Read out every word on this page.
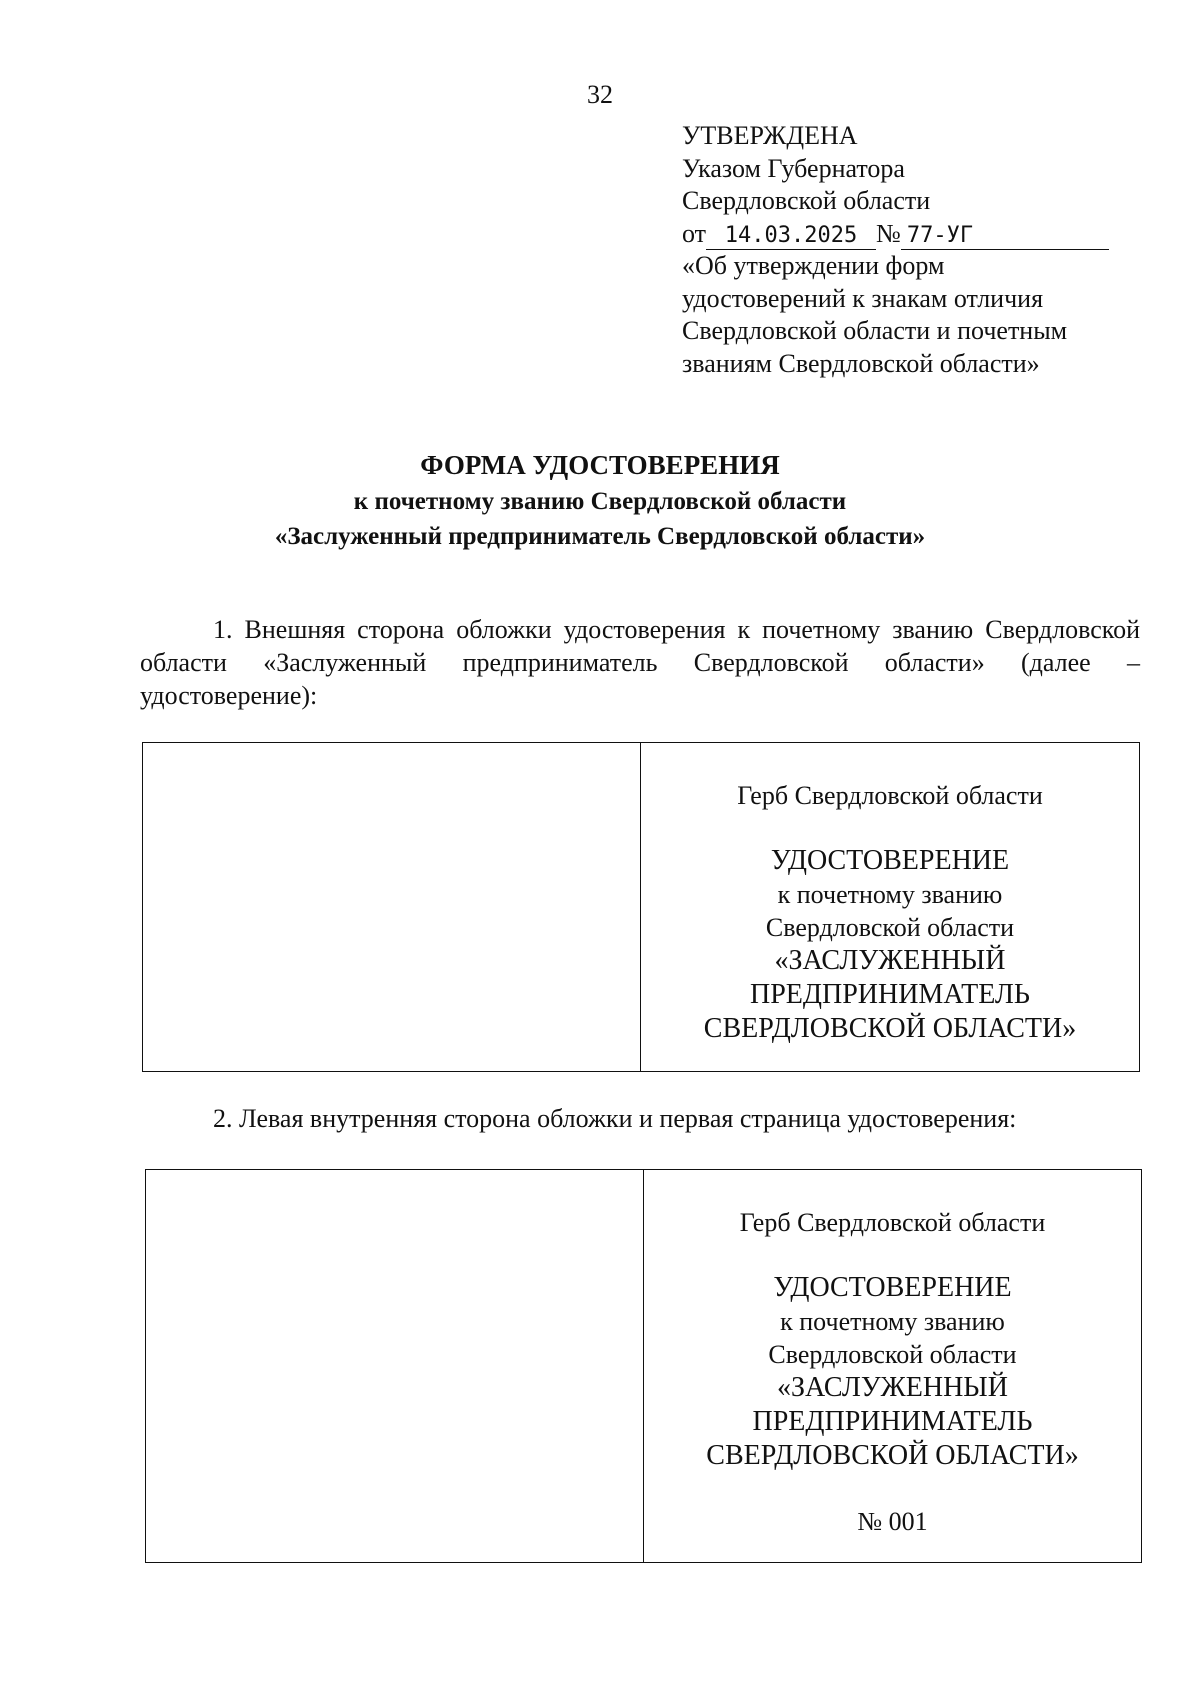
32
УТВЕРЖДЕНА
Указом Губернатора
Свердловской области
от 14.03.2025 № 77-УГ
«Об утверждении форм
удостоверений к знакам отличия
Свердловской области и почетным
званиям Свердловской области»
ФОРМА УДОСТОВЕРЕНИЯ
к почетному званию Свердловской области
«Заслуженный предприниматель Свердловской области»
1. Внешняя сторона обложки удостоверения к почетному званию Свердловской области «Заслуженный предприниматель Свердловской области» (далее – удостоверение):
Герб Свердловской области
УДОСТОВЕРЕНИЕ
к почетному званию
Свердловской области
«ЗАСЛУЖЕННЫЙ
ПРЕДПРИНИМАТЕЛЬ
СВЕРДЛОВСКОЙ ОБЛАСТИ»
2. Левая внутренняя сторона обложки и первая страница удостоверения:
Герб Свердловской области
УДОСТОВЕРЕНИЕ
к почетному званию
Свердловской области
«ЗАСЛУЖЕННЫЙ
ПРЕДПРИНИМАТЕЛЬ
СВЕРДЛОВСКОЙ ОБЛАСТИ»
№ 001
